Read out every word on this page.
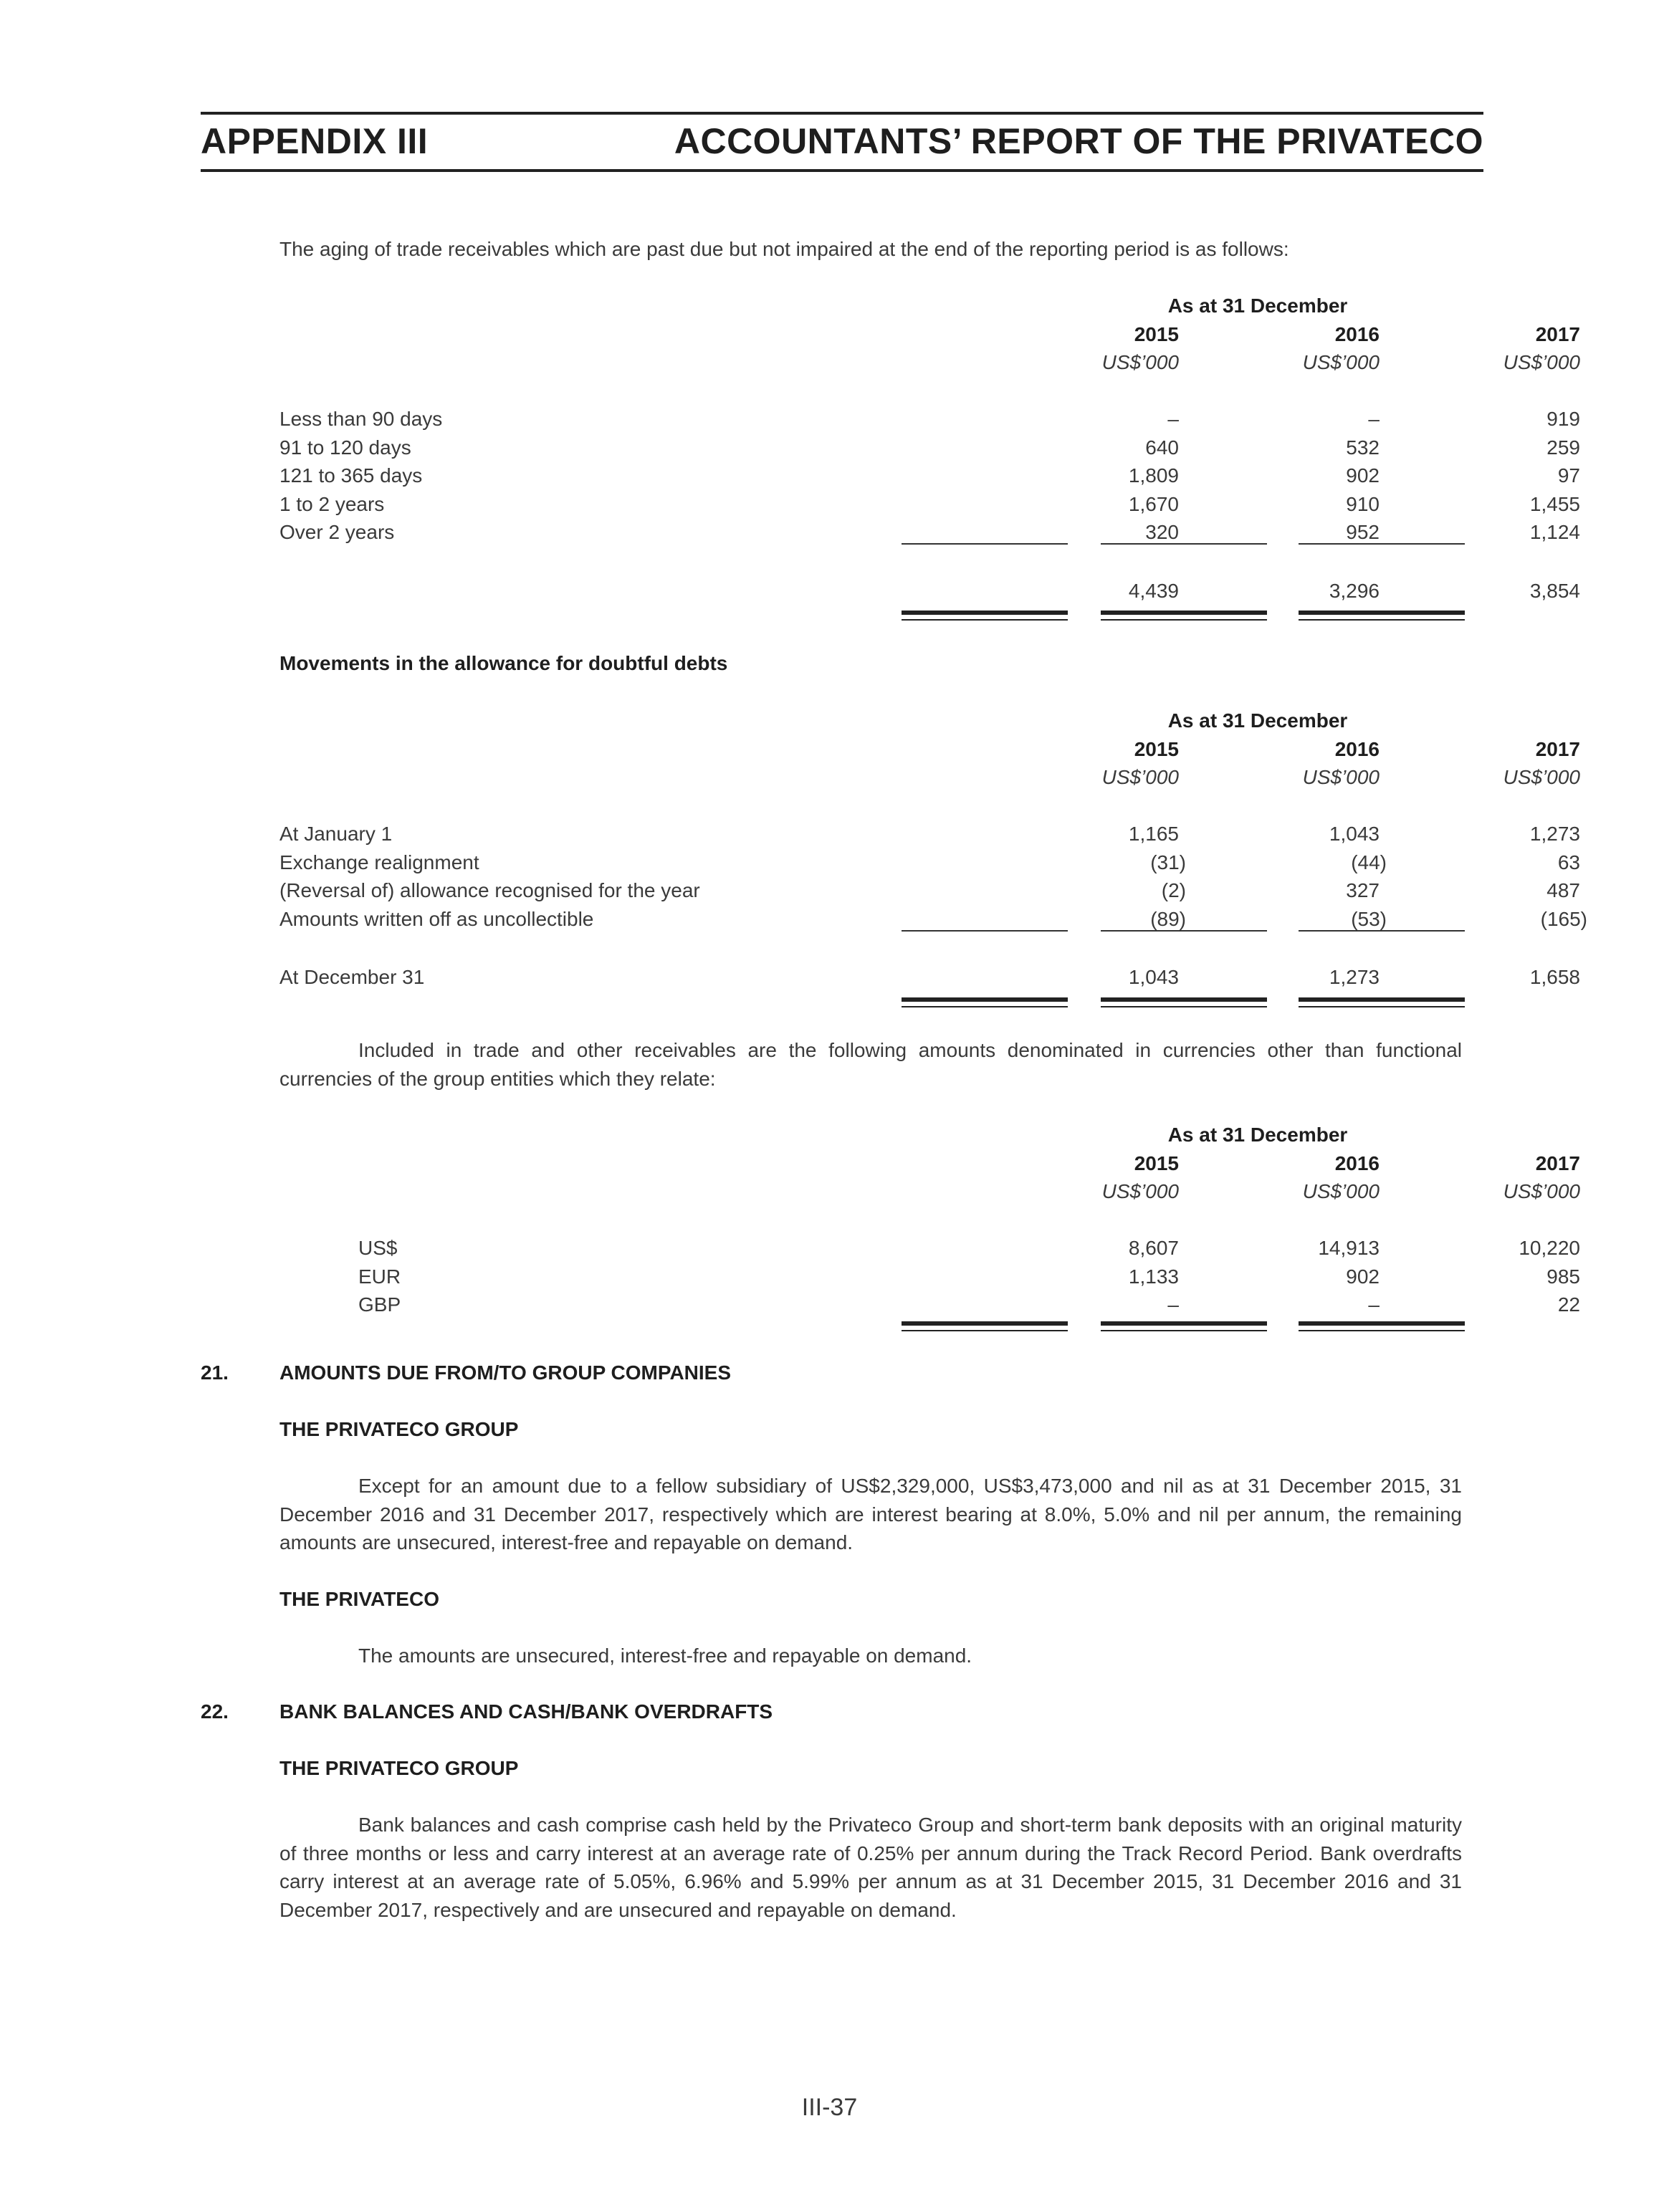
APPENDIX III	ACCOUNTANTS’ REPORT OF THE PRIVATECO
The aging of trade receivables which are past due but not impaired at the end of the reporting period is as follows:
As at 31 December
2015	2016	2017
US$’000	US$’000	US$’000
Less than 90 days	–	–	919
91 to 120 days	640	532	259
121 to 365 days	1,809	902	97
1 to 2 years	1,670	910	1,455
Over 2 years	320	952	1,124
4,439	3,296	3,854
Movements in the allowance for doubtful debts
As at 31 December
2015	2016	2017
US$’000	US$’000	US$’000
At January 1	1,165	1,043	1,273
Exchange realignment	(31)	(44)	63
(Reversal of) allowance recognised for the year	(2)	327	487
Amounts written off as uncollectible	(89)	(53)	(165)
At December 31	1,043	1,273	1,658
Included in trade and other receivables are the following amounts denominated in currencies other than functional currencies of the group entities which they relate:
As at 31 December
2015	2016	2017
US$’000	US$’000	US$’000
US$	8,607	14,913	10,220
EUR	1,133	902	985
GBP	–	–	22
21.	AMOUNTS DUE FROM/TO GROUP COMPANIES
THE PRIVATECO GROUP
Except for an amount due to a fellow subsidiary of US$2,329,000, US$3,473,000 and nil as at 31 December 2015, 31 December 2016 and 31 December 2017, respectively which are interest bearing at 8.0%, 5.0% and nil per annum, the remaining amounts are unsecured, interest-free and repayable on demand.
THE PRIVATECO
The amounts are unsecured, interest-free and repayable on demand.
22.	BANK BALANCES AND CASH/BANK OVERDRAFTS
THE PRIVATECO GROUP
Bank balances and cash comprise cash held by the Privateco Group and short-term bank deposits with an original maturity of three months or less and carry interest at an average rate of 0.25% per annum during the Track Record Period. Bank overdrafts carry interest at an average rate of 5.05%, 6.96% and 5.99% per annum as at 31 December 2015, 31 December 2016 and 31 December 2017, respectively and are unsecured and repayable on demand.
III-37
